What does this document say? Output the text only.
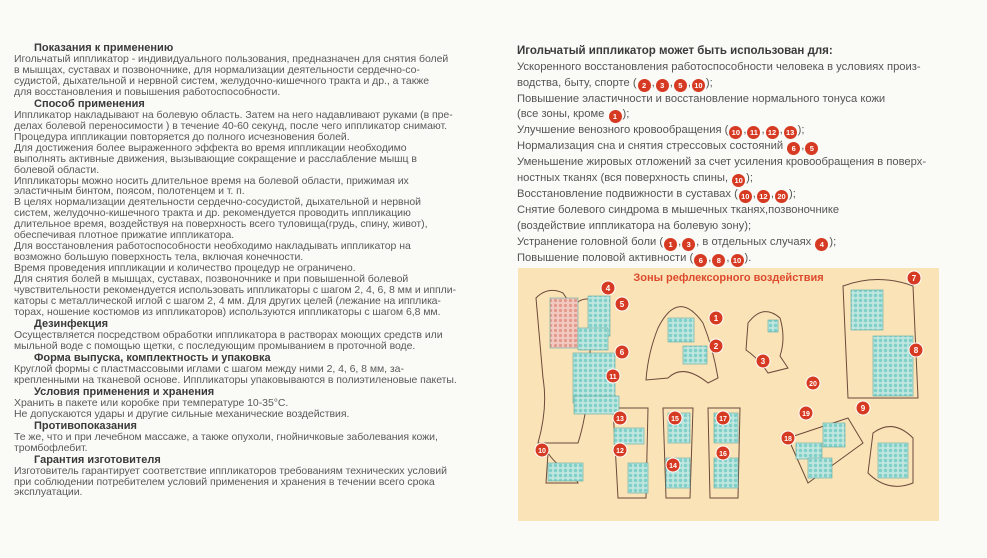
Показания к применению
Игольчатый иппликатор - индивидуального пользования, предназначен для снятия болей
в мышцах, суставах и позвоночнике, для нормализации деятельности сердечно-со-
судистой, дыхательной и нервной систем, желудочно-кишечного тракта и др., а также
для восстановления и повышения работоспособности.
Способ применения
Иппликатор накладывают на болевую область. Затем на него надавливают руками (в пре-
делах болевой переносимости ) в течение 40-60 секунд, после чего иппликатор снимают.
Процедура иппликации повторяется до полного исчезновения болей.
Для достижения более выраженного эффекта во время иппликации необходимо
выполнять активные движения, вызывающие сокращение и расслабление мышц в
болевой области.
Иппликаторы можно носить длительное время на болевой области, прижимая их
эластичным бинтом, поясом, полотенцем и т. п.
В целях нормализации деятельности сердечно-сосудистой, дыхательной и нервной
систем, желудочно-кишечного тракта и др. рекомендуется проводить иппликацию
длительное время, воздействуя на поверхность всего туловища(грудь, спину, живот),
обеспечивая плотное прижатие иппликатора.
Для восстановления работоспособности необходимо накладывать иппликатор на
возможно большую поверхность тела, включая конечности.
Время проведения иппликации и количество процедур не ограничено.
Для снятия болей в мышцах, суставах, позвоночнике и при повышенной болевой
чувствительности рекомендуется использовать иппликаторы с шагом 2, 4, 6, 8 мм и иппли-
каторы с металлической иглой с шагом 2, 4 мм. Для других целей (лежание на иппликa-
торах, ношение костюмов из иппликаторов) используются иппликаторы с шагом 6,8 мм.
Дезинфекция
Осуществляется посредством обработки иппликатора в растворах моющих средств или
мыльной воде с помощью щетки, с последующим промыванием в проточной воде.
Форма выпуска, комплектность и упаковка
Круглой формы с пластмассовыми иглами с шагом между ними 2, 4, 6, 8 мм, за-
крепленными на тканевой основе. Иппликаторы упаковываются в полиэтиленовые пакеты.
Условия применения и хранения
Хранить в пакете или коробке при температуре 10-35°С.
Не допускаются удары и другие сильные механические воздействия.
Противопоказания
Те же, что и при лечебном массаже, а также опухоли, гнойничковые заболевания кожи,
тромбофлебит.
Гарантия изготовителя
Изготовитель гарантирует соответствие иппликаторов требованиям технических условий
при соблюдении потребителем условий применения и хранения в течении всего срока
эксплуатации.
Игольчатый иппликатор может быть использован для:
Ускоренного восстановления работоспособности человека в условиях произ-
водства, быту, спорте ( 2 , 3 , 5 , 10 );
Повышение эластичности и восстановление нормального тонуса кожи
(все зоны, кроме 1 );
Улучшение венозного кровообращения ( 10 , 11 , 12 , 13 );
Нормализация сна и снятия стрессовых состояний 6 , 5
Уменьшение жировых отложений за счет усиления кровообращения в поверх-
ностных тканях (вся поверхность спины, 10 );
Восстановление подвижности в суставах ( 10 , 12 , 20 );
Снятие болевого синдрома в мышечных тканях,позвоночнике
(воздействие иппликатора на болевую зону);
Устранение головной боли ( 1 , 3 , в отдельных случаях 4 );
Повышение половой активности ( 6 , 8 , 10 ).
Зоны рефлексорного воздействия
1
2
3
4
5
6
7
8
9
10
11
12
13
14
15
16
17
18
19
20
